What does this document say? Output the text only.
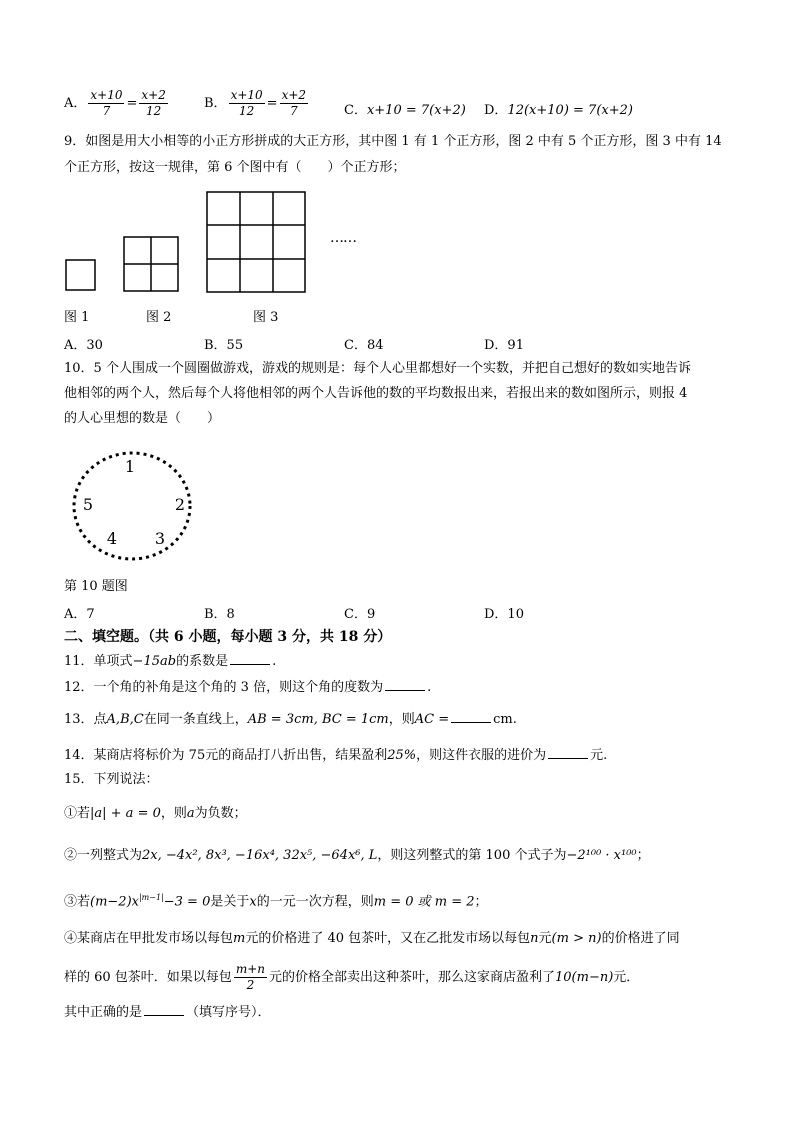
A． $\frac{x+10}{7} = \frac{x+2}{12}$	B． $\frac{x+10}{12} = \frac{x+2}{7}$	C．x+10 = 7(x+2) D．12(x+10) = 7(x+2)
9．如图是用大小相等的小正方形拼成的大正方形，其中图 1 有 1 个正方形，图 2 中有 5 个正方形，图 3 中有 14
个正方形，按这一规律，第 6 个图中有（　　）个正方形；
……
图 1	图 2	图 3
A．30	B．55	C．84	D．91
10．5 个人围成一个圆圈做游戏，游戏的规则是：每个人心里都想好一个实数，并把自己想好的数如实地告诉
他相邻的两个人，然后每个人将他相邻的两个人告诉他的数的平均数报出来，若报出来的数如图所示，则报 4
的人心里想的数是（　　）
1
2
3
4
5
第 10 题图
A．7	B．8	C．9	D．10
二、填空题。（共 6 小题，每小题 3 分，共 18 分）
11．单项式−15ab的系数是	.
12．一个角的补角是这个角的 3 倍，则这个角的度数为	.
13．点A,B,C在同一条直线上，AB = 3cm, BC = 1cm，则AC =	cm.
14．某商店将标价为 75元的商品打八折出售，结果盈利25%，则这件衣服的进价为	元.
15．下列说法：
①若|a| + a = 0，则a为负数；
②一列整式为2x, −4x², 8x³, −16x⁴, 32x⁵, −64x⁶, L，则这列整式的第 100 个式子为−2¹⁰⁰ · x¹⁰⁰；
③若$(m-2)x^{|m-1|}-3 = 0$是关于x的一元一次方程，则m = 0 或 m = 2；
④某商店在甲批发市场以每包m元的价格进了 40 包茶叶，又在乙批发市场以每包n元(m > n)的价格进了同
样的 60 包茶叶．如果以每包 $\frac{m+n}{2}$ 元的价格全部卖出这种茶叶，那么这家商店盈利了10(m−n)元．
其中正确的是	（填写序号）．
